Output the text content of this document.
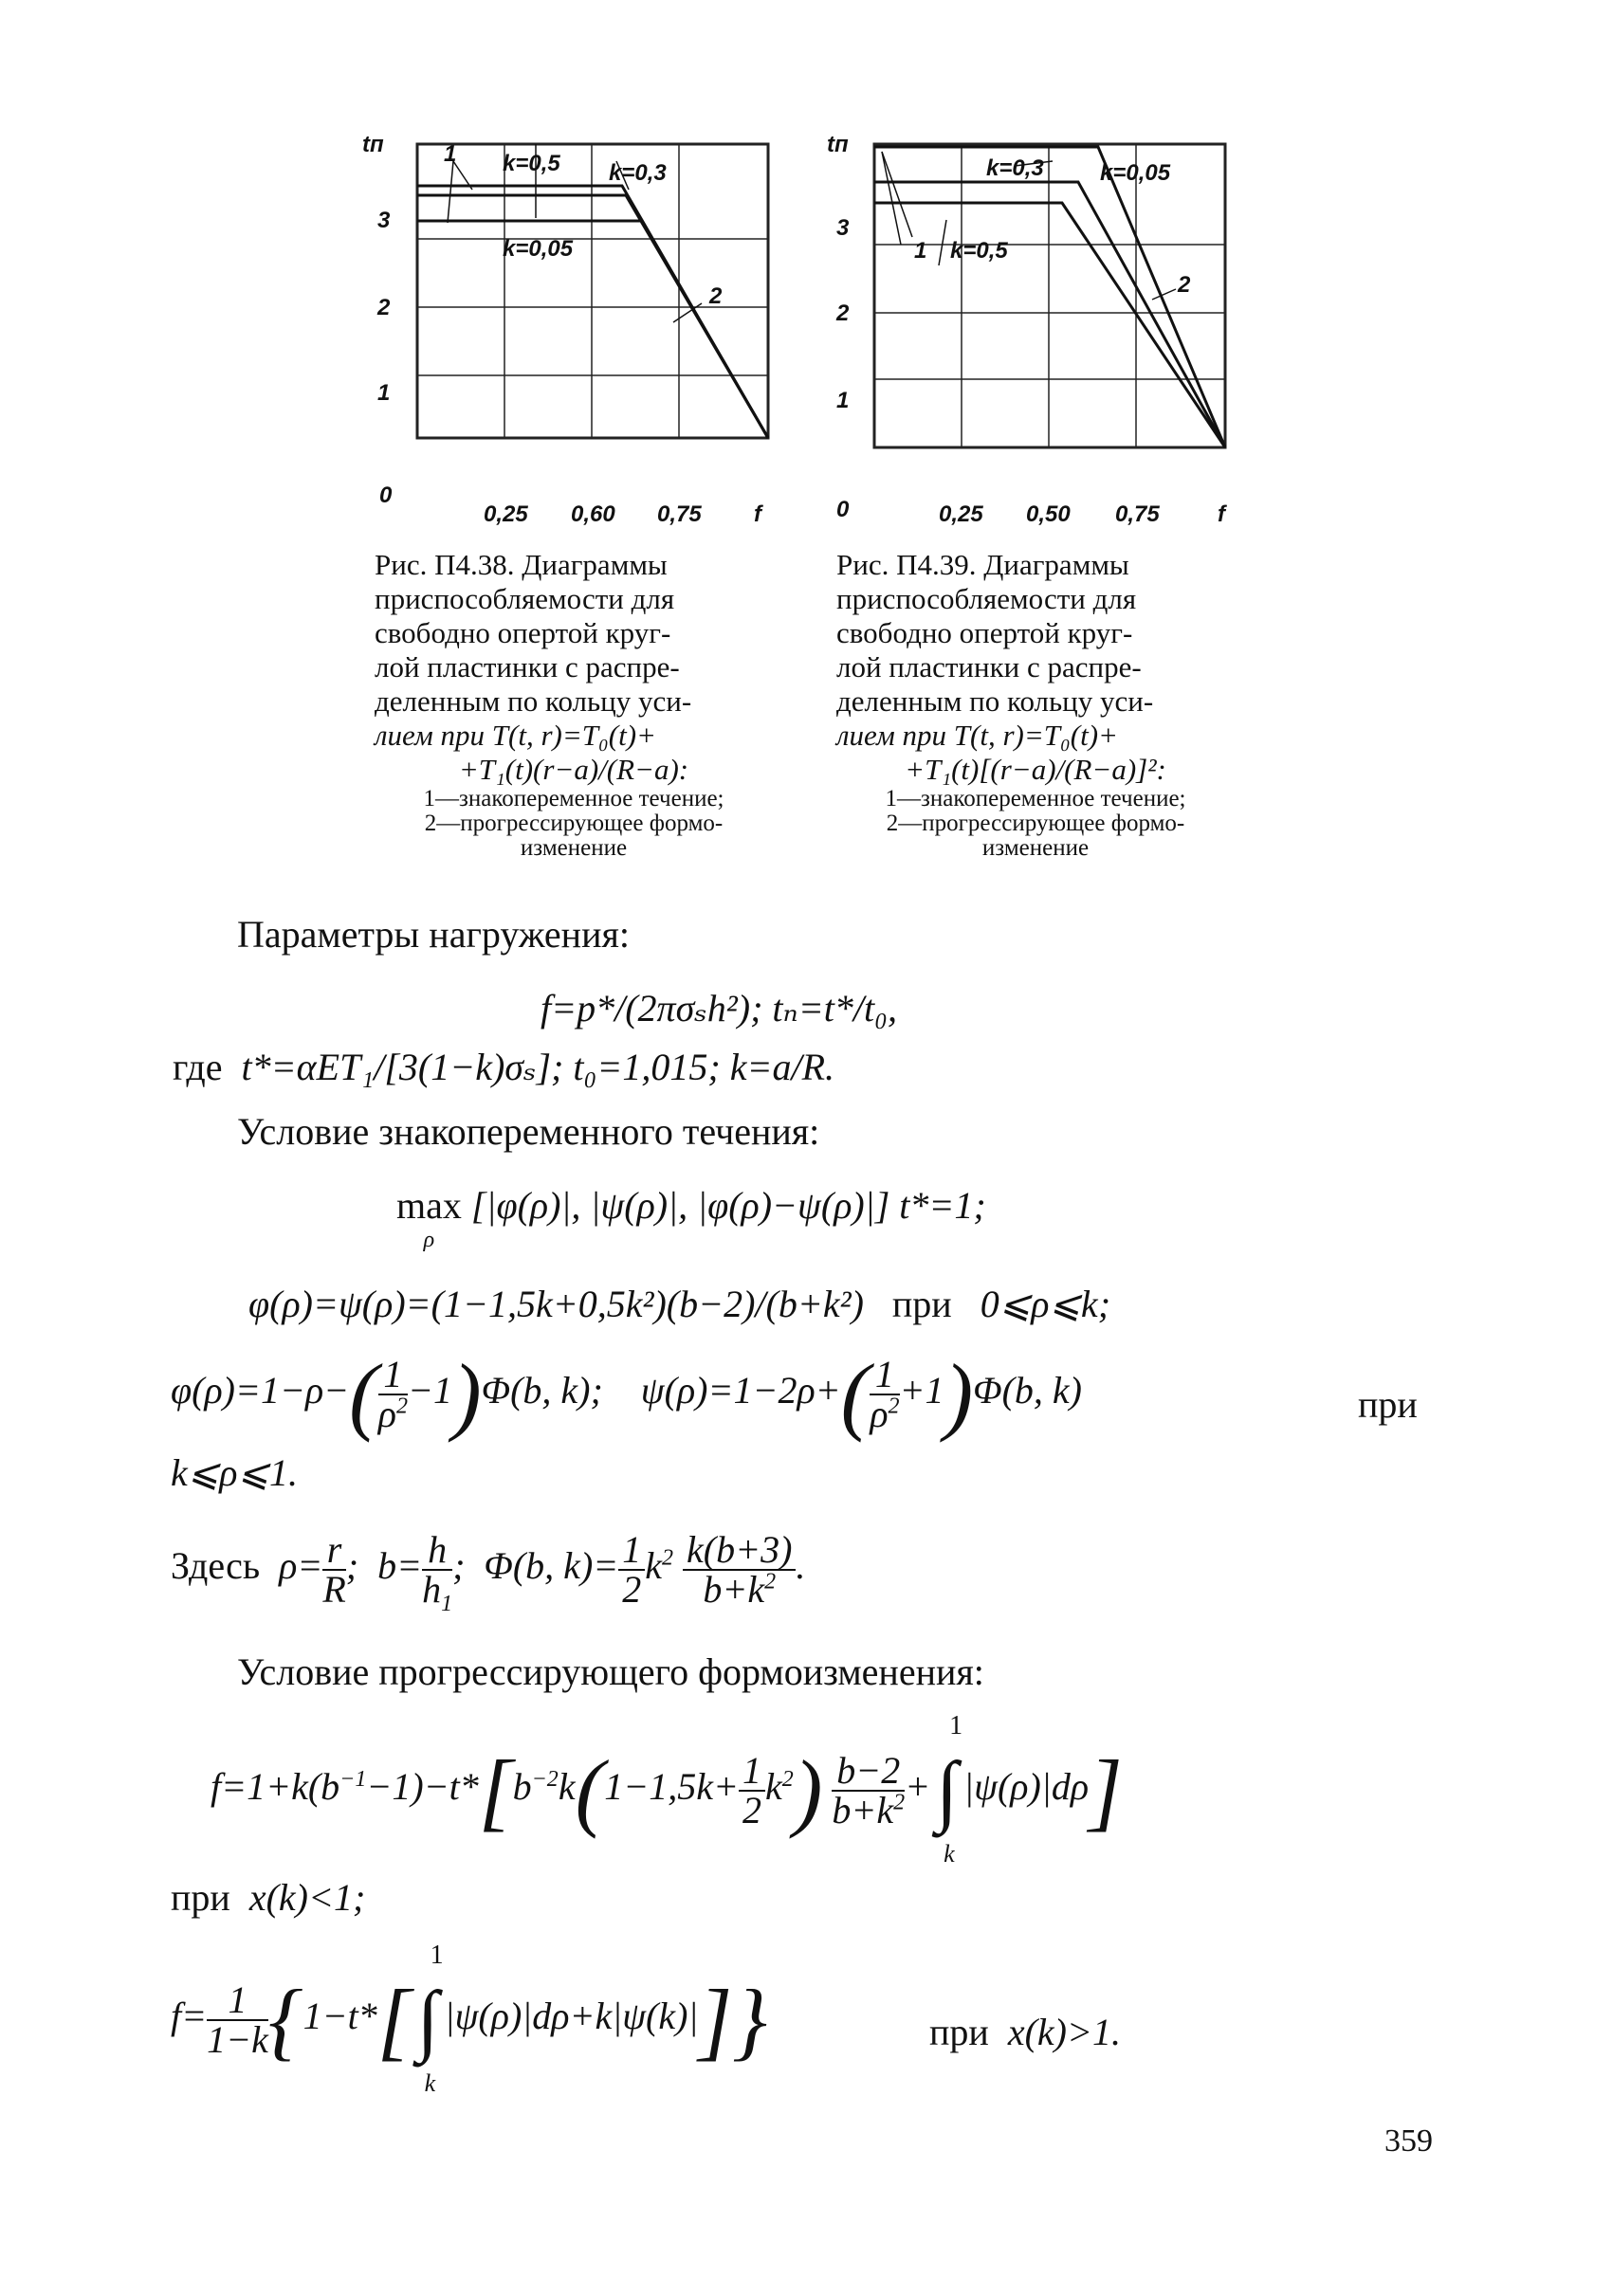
tп
3
2
1
0
0,25 0,60 0,75 f
k=0,5 k=0,3
k=0,05
1
2
Рис. П4.38. Диаграммы
приспособляемости для
свободно опертой круг-
лой пластинки с распре-
деленным по кольцу уси-
лием при T(t, r)=T₀(t)+
+T₁(t)(r−a)/(R−a):
1—знакопеременное течение;
2—прогрессирующее формо-
изменение
tп
3
2
1
0	0,25 0,50 0,75	f
k=0,3 k=0,05
k=0,5
1
2
Рис. П4.39. Диаграммы
приспособляемости для
свободно опертой круг-
лой пластинки с распре-
деленным по кольцу уси-
лием при T(t, r)=T₀(t)+
+T₁(t)[(r−a)/(R−a)]²:
1—знакопеременное течение;
2—прогрессирующее формо-
изменение
Параметры нагружения:
f=p*/(2πσₛh²); tₙ=t*/t₀,
где t*=αET₁/[3(1−k)σₛ]; t₀=1,015; k=a/R.
Условие знакопеременного течения:
max

ρ
[|φ(ρ)|, |ψ(ρ)|, |φ(ρ)−ψ(ρ)|] t*=1;
φ(ρ)=ψ(ρ)=(1−1,5k+0,5k²)(b−2)/(b+k²) при 0⩽ρ⩽k;
$\varphi(\rho)=1-\rho-( \frac{1}{\rho^2} -1)\Phi(b$, k);    $\psi(\rho)=1-2\rho+( \frac{1}{\rho^2} +1)\Phi(b$, k)	при
k⩽ρ⩽1.
Здесь $\rho= \frac{r}{R}$ ;  $b= \frac{h}{h_1}$ ;  Φ(b, $k)= \frac{1}{2} k^2 \frac{k(b+3)}{b+k^2}$ .
Условие прогрессирующего формоизменения:
$f=1+k(b^{-1}-1)-t*[b^{-2}k(1-1,5k+ \frac{1}{2} k^2) \frac{b-2}{b+k^2}$ +∫
1
k
|ψ(ρ)|dρ]
при x(k)<1;
$f= \frac{1}{1-k} \{1-t*[\int$
1
k
|ψ(ρ)|dρ+k|ψ(k)|]}	при x(k)>1.
359
